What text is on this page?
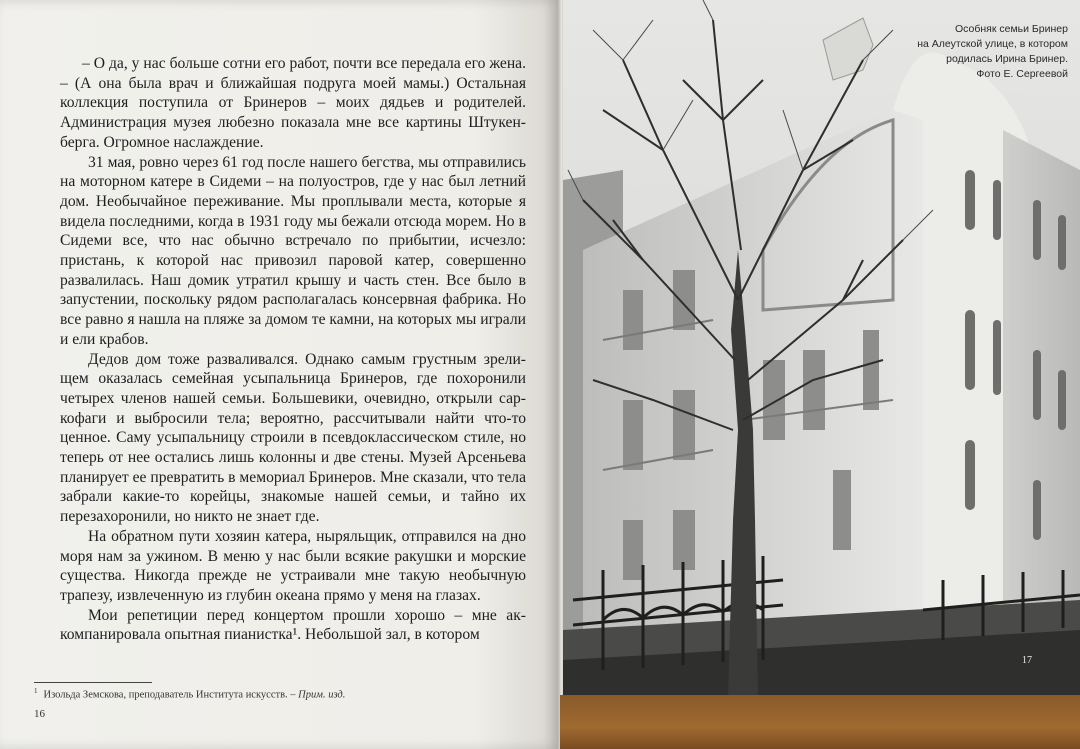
– О да, у нас больше сотни его работ, почти все передала его жена. – (А она была врач и ближайшая подруга моей мамы.) Остальная коллекция поступила от Бринеров – моих дядьев и родителей. Администрация музея любезно показала мне все картины Штукенберга. Огромное наслаждение.

31 мая, ровно через 61 год после нашего бегства, мы отправились на моторном катере в Сидеми – на полуостров, где у нас был летний дом. Необычайное переживание. Мы проплывали места, которые я видела последними, когда в 1931 году мы бежали отсюда морем. Но в Сидеми все, что нас обычно встречало по прибытии, исчезло: пристань, к которой нас привозил паровой катер, совершенно развалилась. Наш домик утратил крышу и часть стен. Все было в запустении, поскольку рядом располагалась консервная фабрика. Но все равно я нашла на пляже за домом те камни, на которых мы играли и ели крабов.

Дедов дом тоже разваливался. Однако самым грустным зрелищем оказалась семейная усыпальница Бринеров, где похоронили четырех членов нашей семьи. Большевики, очевидно, открыли саркофаги и выбросили тела; вероятно, рассчитывали найти что-то ценное. Саму усыпальницу строили в псевдоклассическом стиле, но теперь от нее остались лишь колонны и две стены. Музей Арсеньева планирует ее превратить в мемориал Бринеров. Мне сказали, что тела забрали какие-то корейцы, знакомые нашей семьи, и тайно их перезахоронили, но никто не знает где.

На обратном пути хозяин катера, ныряльщик, отправился на дно моря нам за ужином. В меню у нас были всякие ракушки и морские существа. Никогда прежде не устраивали мне такую необычную трапезу, извлеченную из глубин океана прямо у меня на глазах.

Мои репетиции перед концертом прошли хорошо – мне аккомпанировала опытная пианистка¹. Небольшой зал, в котором

$^1$ Изольда Земскова, преподаватель Института искусств. – Прим. изд.
16
Особняк семьи Бринер
на Алеутской улице, в котором
родилась Ирина Бринер.
Фото Е. Сергеевой
17
